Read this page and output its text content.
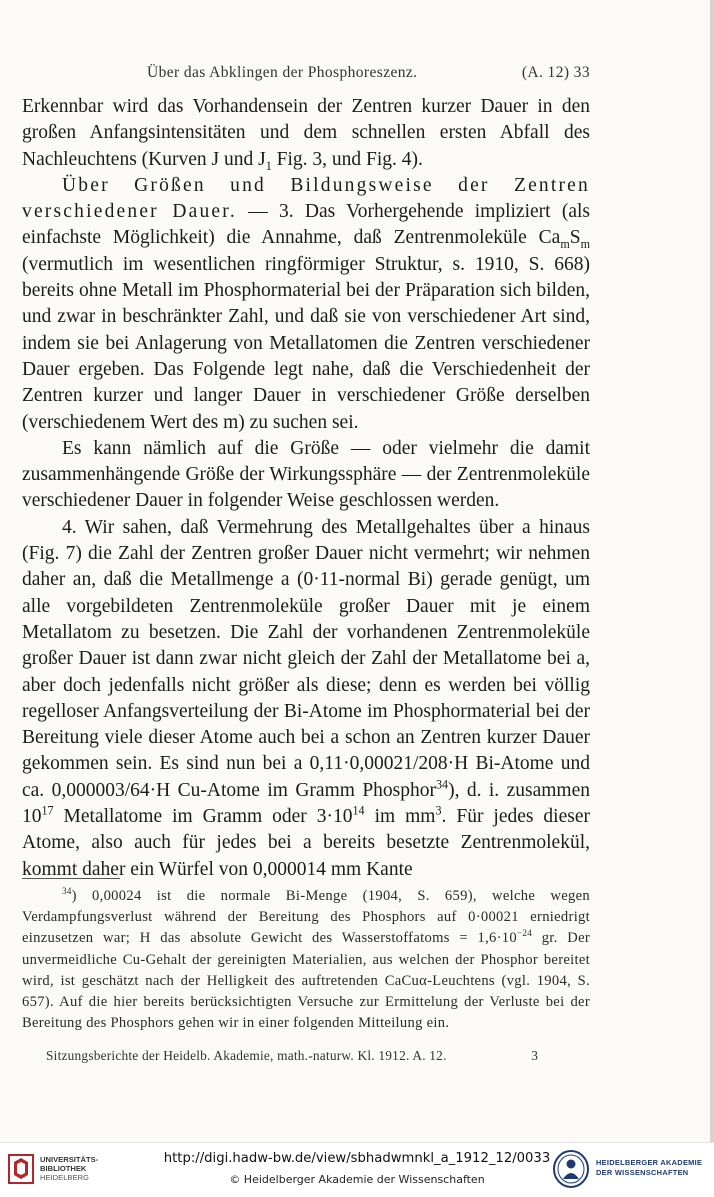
Über das Abklingen der Phosphoreszenz.	(A. 12) 33

Erkennbar wird das Vorhandensein der Zentren kurzer Dauer in den großen Anfangsintensitäten und dem schnellen ersten Abfall des Nachleuchtens (Kurven J und $J_1$ Fig. 3, und Fig. 4).

Über Größen und Bildungsweise der Zentren verschiedener Dauer. — 3. Das Vorhergehende impliziert (als einfachste Möglichkeit) die Annahme, daß Zentrenmoleküle $Ca_mS_m$ (vermutlich im wesentlichen ringförmiger Struktur, s. 1910, S. 668) bereits ohne Metall im Phosphormaterial bei der Präparation sich bilden, und zwar in beschränkter Zahl, und daß sie von verschiedener Art sind, indem sie bei Anlagerung von Metallatomen die Zentren verschiedener Dauer ergeben. Das Folgende legt nahe, daß die Verschiedenheit der Zentren kurzer und langer Dauer in verschiedener Größe derselben (verschiedenem Wert des m) zu suchen sei.

Es kann nämlich auf die Größe — oder vielmehr die damit zusammenhängende Größe der Wirkungssphäre — der Zentrenmoleküle verschiedener Dauer in folgender Weise geschlossen werden.

4. Wir sahen, daß Vermehrung des Metallgehaltes über a hinaus (Fig. 7) die Zahl der Zentren großer Dauer nicht vermehrt; wir nehmen daher an, daß die Metallmenge a (0·11-normal Bi) gerade genügt, um alle vorgebildeten Zentrenmoleküle großer Dauer mit je einem Metallatom zu besetzen. Die Zahl der vorhandenen Zentrenmoleküle großer Dauer ist dann zwar nicht gleich der Zahl der Metallatome bei a, aber doch jedenfalls nicht größer als diese; denn es werden bei völlig regelloser Anfangsverteilung der Bi-Atome im Phosphormaterial bei der Bereitung viele dieser Atome auch bei a schon an Zentren kurzer Dauer gekommen sein. Es sind nun bei a 0,11·0,00021/208·H Bi-Atome und ca. 0,000003/64·H Cu-Atome im Gramm Phosphor$^{34}$), d. i. zusammen $10^{17}$ Metallatome im Gramm oder $3\cdot 10^{14}$ im $mm^3$. Für jedes dieser Atome, also auch für jedes bei a bereits besetzte Zentrenmolekül, kommt daher ein Würfel von 0,000014 mm Kante

$^{34}$) 0,00024 ist die normale Bi-Menge (1904, S. 659), welche wegen Verdampfungsverlust während der Bereitung des Phosphors auf 0·00021 erniedrigt einzusetzen war; H das absolute Gewicht des Wasserstoffatoms = $1,6\cdot 10^{-24}$ gr. Der unvermeidliche Cu-Gehalt der gereinigten Materialien, aus welchen der Phosphor bereitet wird, ist geschätzt nach der Helligkeit des auftretenden CaCuα-Leuchtens (vgl. 1904, S. 657). Auf die hier bereits berücksichtigten Versuche zur Ermittelung der Verluste bei der Bereitung des Phosphors gehen wir in einer folgenden Mitteilung ein.

Sitzungsberichte der Heidelb. Akademie, math.-naturw. Kl. 1912. A. 12.	3
UNIVERSITÄTS-
BIBLIOTHEK
HEIDELBERG
http://digi.hadw-bw.de/view/sbhadwmnkl_a_1912_12/0033
© Heidelberger Akademie der Wissenschaften
HEIDELBERGER AKADEMIE
DER WISSENSCHAFTEN
